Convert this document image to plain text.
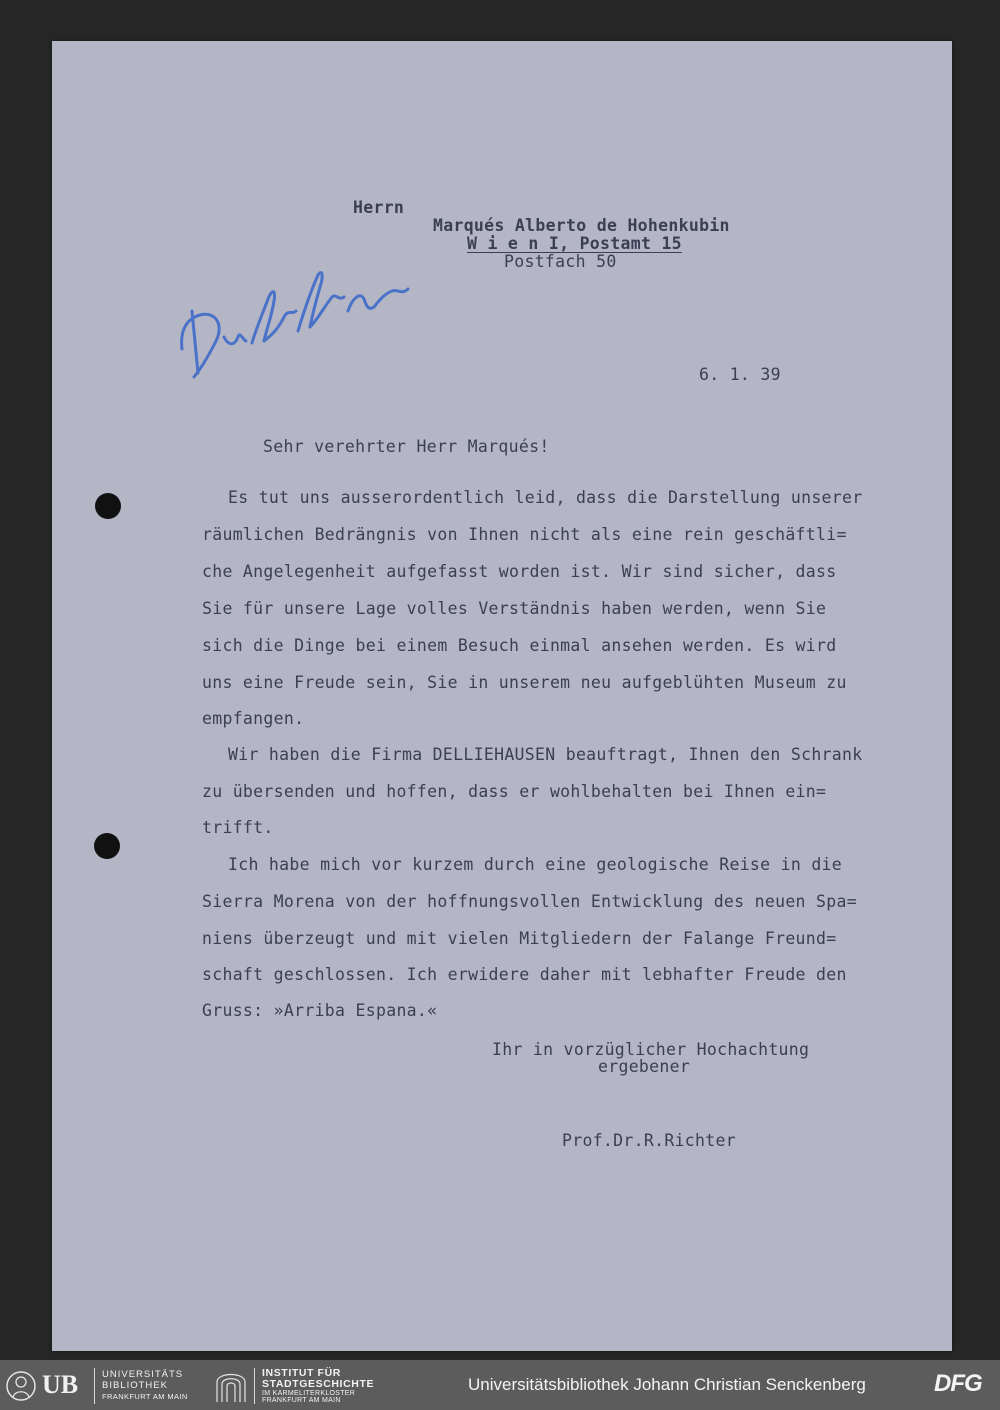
Herrn
Marqués Alberto de Hohenkubin
W i e n I, Postamt 15
Postfach 50
6. 1. 39
Sehr verehrter Herr Marqués!
Es tut uns ausserordentlich leid, dass die Darstellung unserer
räumlichen Bedrängnis von Ihnen nicht als eine rein geschäftli=
che Angelegenheit aufgefasst worden ist. Wir sind sicher, dass
Sie für unsere Lage volles Verständnis haben werden, wenn Sie
sich die Dinge bei einem Besuch einmal ansehen werden. Es wird
uns eine Freude sein, Sie in unserem neu aufgeblühten Museum zu
empfangen.
Wir haben die Firma DELLIEHAUSEN beauftragt, Ihnen den Schrank
zu übersenden und hoffen, dass er wohlbehalten bei Ihnen ein=
trifft.
Ich habe mich vor kurzem durch eine geologische Reise in die
Sierra Morena von der hoffnungsvollen Entwicklung des neuen Spa=
niens überzeugt und mit vielen Mitgliedern der Falange Freund=
schaft geschlossen. Ich erwidere daher mit lebhafter Freude den
Gruss: »Arriba Espana.«
Ihr in vorzüglicher Hochachtung
ergebener
Prof.Dr.R.Richter
UB	UNIVERSITÄTS
BIBLIOTHEK
FRANKFURT AM MAIN
INSTITUT FÜR
STADTGESCHICHTE
IM KARMELITERKLOSTER
FRANKFURT AM MAIN
Universitätsbibliothek Johann Christian Senckenberg	DFG
